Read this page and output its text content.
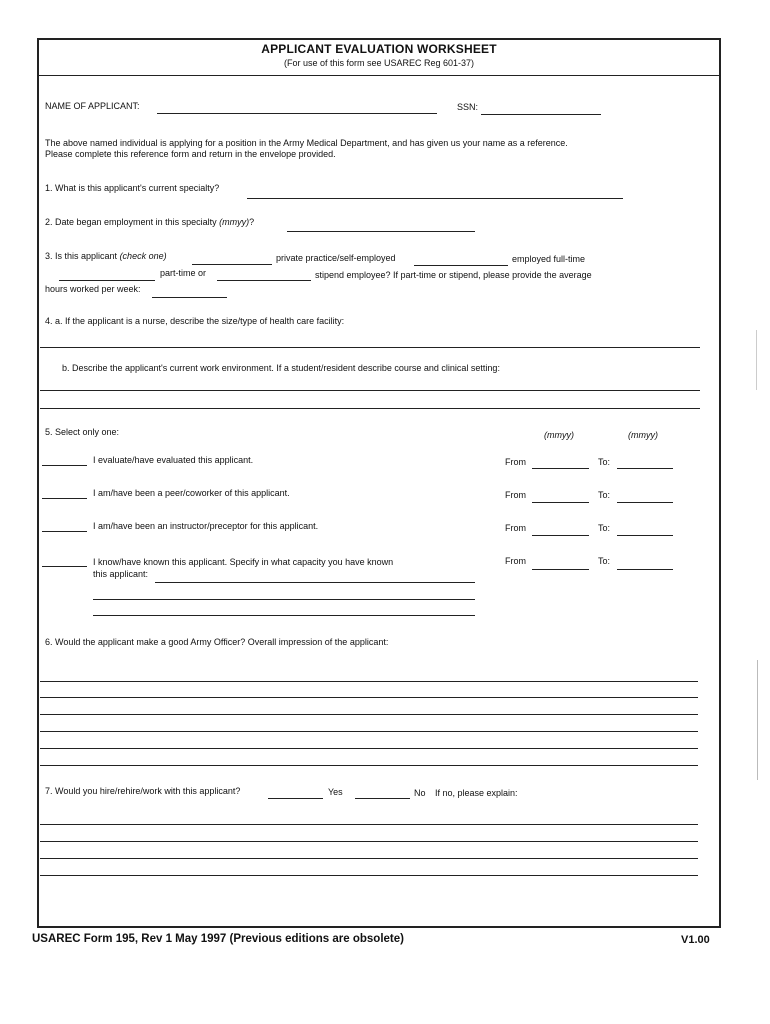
APPLICANT EVALUATION WORKSHEET
(For use of this form see USAREC Reg 601-37)
NAME OF APPLICANT:	SSN:
The above named individual is applying for a position in the Army Medical Department, and has given us your name as a reference.
Please complete this reference form and return in the envelope provided.
1. What is this applicant's current specialty?
2. Date began employment in this specialty (mmyy)?
3. Is this applicant (check one)	private practice/self-employed	employed full-time
part-time or	stipend employee? If part-time or stipend, please provide the average
hours worked per week:
4. a. If the applicant is a nurse, describe the size/type of health care facility:
b. Describe the applicant's current work environment. If a student/resident describe course and clinical setting:
5. Select only one:	(mmyy)	(mmyy)
I evaluate/have evaluated this applicant.	From	To:
I am/have been a peer/coworker of this applicant.	From	To:
I am/have been an instructor/preceptor for this applicant.	From	To:
I know/have known this applicant. Specify in what capacity you have known
this applicant:
From	To:
6. Would the applicant make a good Army Officer? Overall impression of the applicant:
7. Would you hire/rehire/work with this applicant?	Yes	No If no, please explain:
USAREC Form 195, Rev 1 May 1997 (Previous editions are obsolete)	V1.00
